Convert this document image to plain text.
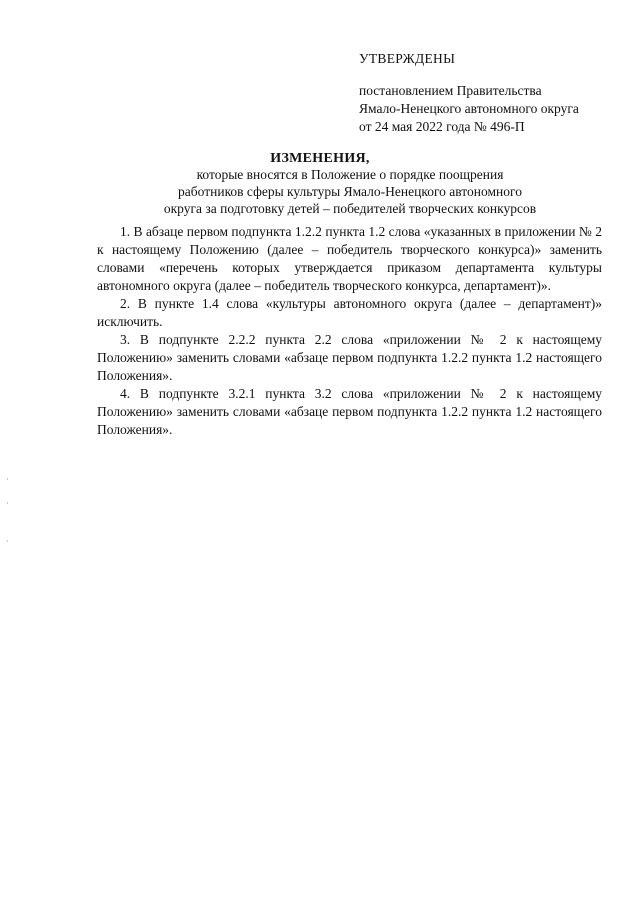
УТВЕРЖДЕНЫ
постановлением Правительства
Ямало-Ненецкого автономного округа
от 24 мая 2022 года № 496-П
ИЗМЕНЕНИЯ,
которые вносятся в Положение о порядке поощрения
работников сферы культуры Ямало-Ненецкого автономного
округа за подготовку детей – победителей творческих конкурсов

1. В абзаце первом подпункта 1.2.2 пункта 1.2 слова «указанных в приложении № 2 к настоящему Положению (далее – победитель творческого конкурса)» заменить словами «перечень которых утверждается приказом департамента культуры автономного округа (далее – победитель творческого конкурса, департамент)».

2. В пункте 1.4 слова «культуры автономного округа (далее – департамент)» исключить.

3. В подпункте 2.2.2 пункта 2.2 слова «приложении № 2 к настоящему Положению» заменить словами «абзаце первом подпункта 1.2.2 пункта 1.2 настоящего Положения».

4. В подпункте 3.2.1 пункта 3.2 слова «приложении № 2 к настоящему Положению» заменить словами «абзаце первом подпункта 1.2.2 пункта 1.2 настоящего Положения».
